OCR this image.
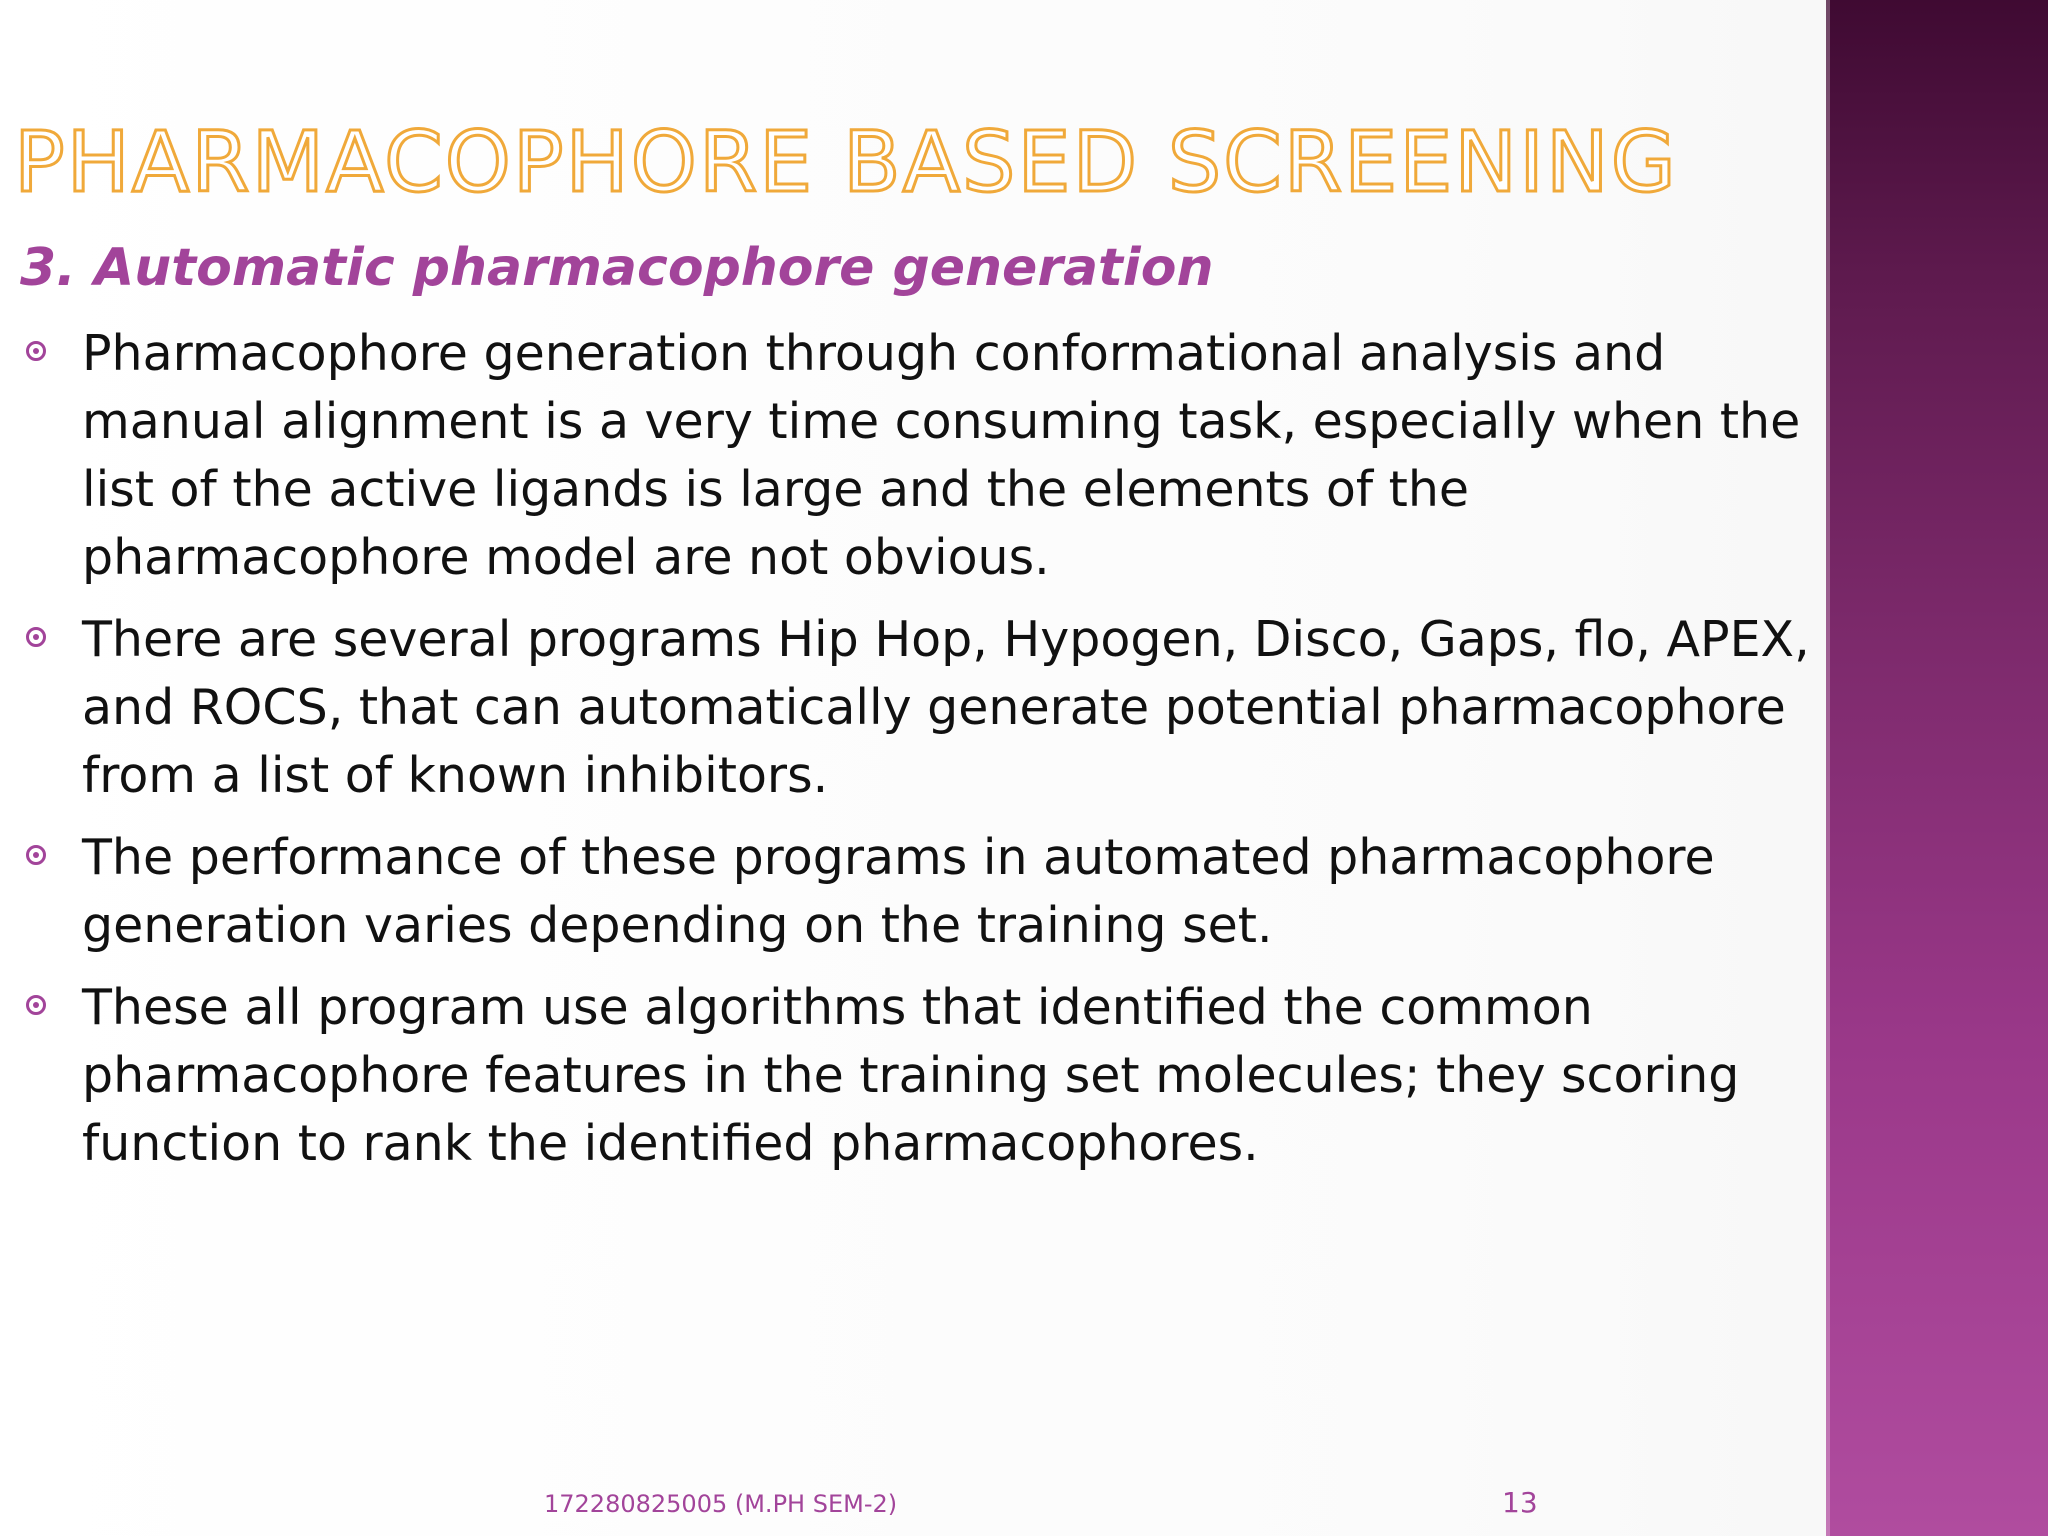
PHARMACOPHORE BASED SCREENING
3. Automatic pharmacophore generation
Pharmacophore generation through conformational analysis and manual alignment is a very time consuming task, especially when the list of the active ligands is large and the elements of the pharmacophore model are not obvious.
There are several programs Hip Hop, Hypogen, Disco, Gaps, flo, APEX, and ROCS, that can automatically generate potential pharmacophore from a list of known inhibitors.
The performance of these programs in automated pharmacophore generation varies depending on the training set.
These all program use algorithms that identified the common pharmacophore features in the training set molecules; they scoring function to rank the identified pharmacophores.
172280825005 (M.PH SEM-2)	13
